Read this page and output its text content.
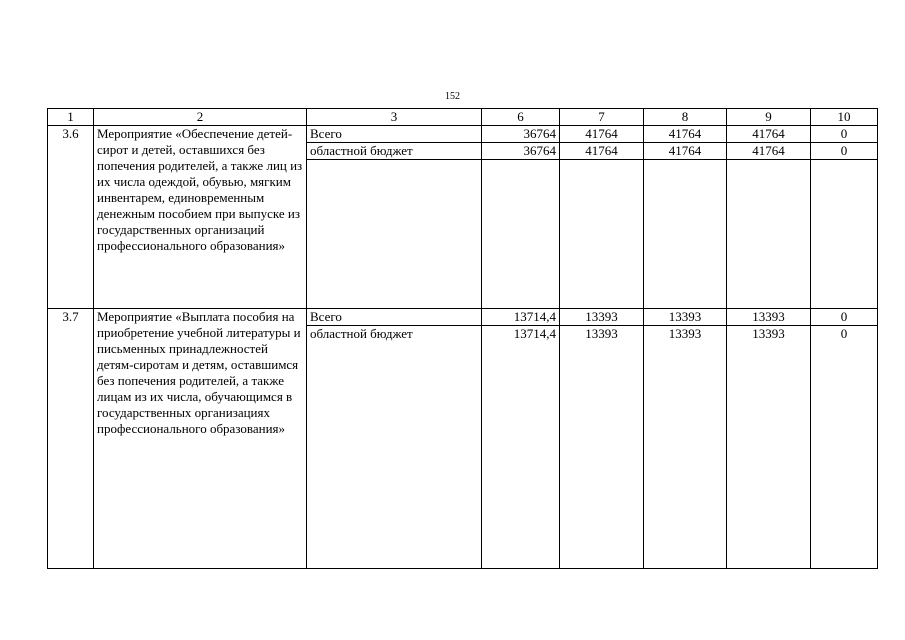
152
1	2	3	6	7	8	9	10
3.6	Мероприятие «Обеспечение детей-сирот и детей, оставшихся без попечения родителей, а также лиц из их числа одеждой, обувью, мягким инвентарем, единовременным денежным пособием при выпуске из государственных организаций профессионального образования»	Всего	36764	41764	41764	41764	0
		областной бюджет	36764	41764	41764	41764	0

3.7	Мероприятие «Выплата пособия на приобретение учебной литературы и письменных принадлежностей детям-сиротам и детям, оставшимся без попечения родителей, а также лицам из их числа, обучающимся в государственных организациях профессионального образования»	Всего	13714,4	13393	13393	13393	0
		областной бюджет	13714,4	13393	13393	13393	0
